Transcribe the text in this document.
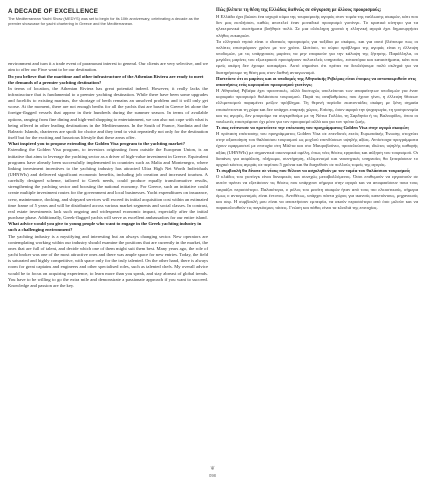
A DECADE OF EXCELLENCE
The Mediterranean Yacht Show (MEDYS) was set to begin for its 10th anniversary, celebrating a decade as the premier showcase for yacht chartering in Greece and the Mediterranean.

environment and turn it a trade event of paramount interest to general. Our clients are very selective, and we aim to offer our Fiwe want to be our destination.

Do you believe that the maritime and other infrastructure of the Athenian Riviera are ready to meet the demands of a premier yachting destination?

In terms of location, the Athenian Riviera has great potential indeed. However, it really lacks the infrastructure that is fundamental to a premier yachting destination. While there have been some upgrades and facelifts to existing marinas, the shortage of berth remains an unsolved problem and it will only get worse. At the moment, there are not enough berths for all the yachts that are based in Greece let alone the foreign-flagged vessels that appear in their hundreds during the summer season. In terms of available options, ranging from fine dining and high-end shopping to entertainment, we can also not cope with what is being offered in other leading destinations in the Mediterranean. In the South of France, Sardinia and the Balearic Islands, charterers are spoilt for choice and they tend to visit repeatedly not only for the destination itself but for the exciting and luxurious lifestyle that these areas offer.

What inspired you to propose extending the Golden Visa program to the yachting market?

Extending the Golden Visa program, to investors originating from outside the European Union, is an initiative that aims to leverage the yachting sector as a driver of high-value investment in Greece. Equivalent programs have already been successfully implemented in countries such as Malta and Montenegro, where linking investment incentives to the yachting industry has attracted Ultra High Net Worth Individuals (UHNWIs) and delivered significant economic benefits, including job creation and increased tourism. A carefully designed scheme, tailored to Greek needs, could produce equally transformative results, strengthening the yachting sector and boosting the national economy. For Greece, such an initiative could create multiple investment routes for the government and local businesses. Yacht expenditures on insurance, crew, maintenance, docking, and shipyard services will exceed its initial acquisition cost within an estimated time frame of 5 years and will be distributed across various market segments and social classes. In contrast, real estate investments lack such ongoing and widespread economic impact, especially after the initial purchase phase. Additionally, Greek-flagged yachts will serve as excellent ambassadors for our entire island.

What advice would you give to young people who want to engage in the Greek yachting industry in such a challenging environment?

The yachting industry is a mystifying and interesting but an always changing sector. New operators are contemplating working within our industry should examine the positions that are currently in the market, the ones that are full of talent, and decide which one of them might suit them best. Many years ago, the role of yacht broker was one of the most attractive ones and there was ample space for new entries. Today, the field is saturated and highly competitive, with space only for the truly talented. On the other hand, there is always room for great captains and engineers and other specialised roles, such as talented chefs. My overall advice would be to focus on acquiring experience, to learn more than you speak, and stay abreast of global trends. You have to be willing to go the extra mile and demonstrate a passionate approach if you want to succeed. Knowledge and passion are the key.

Πώς βλέπετε τη θέση της Ελλάδας διεθνώς σε σύγκριση με άλλους προορισμούς;

Η Ελλάδα έχει βιώσει ένα ισχυρό κύμα της τουρισμικής αγοράς στον τομέα της ναύλωσης σκαφών, κάτι που δεν μας εκπλήσσει, καθώς αποτελεί έναν μοναδικό προορισμό γιοτίνγκ. Το κρατικό κίνητρο για τα ηλεκτρονικά συστήματα βοήθησε πολύ. Σε μια ολόκληρη χρονιά η ελληνική αγορά έχει δημιουργήσει πλήθος ευκαιριών.

Τα ελληνικά νησιά είναι ο ιδανικός προορισμός για ταξίδια με σκάφος, και για αυτό βλέπουμε πως οι πελάτες επιστρέφουν χρόνο με τον χρόνο. Ωστόσο, το κύριο πρόβλημα της αγοράς είναι η έλλειψη υποδομών, με τις υπάρχουσες μαρίνες να μην επαρκούν για την κάλυψη της ζήτησης. Παράλληλα, οι μεγάλες μαρίνες του εξωτερικού προσφέρουν πολυτελείς υπηρεσίες, εστιατόρια και καταστήματα, κάτι που εμείς ακόμη δεν έχουμε καταφέρει. Αυτό σημαίνει ότι πρέπει να δουλέψουμε πολύ σκληρά για να διατηρήσουμε τη θέση μας στον διεθνή ανταγωνισμό.

Πιστεύετε ότι οι μαρίνες και οι υποδομές της Αθηναϊκής Ριβιέρας είναι έτοιμες να ανταποκριθούν στις απαιτήσεις ενός κορυφαίου προορισμού γιοτίνγκ;

Η Αθηναϊκή Ριβιέρα έχει προοπτικές, αλλά δυστυχώς υπολείπεται των απαραίτητων υποδομών για έναν κορυφαίο προορισμό θαλάσσιου τουρισμού. Παρά τις αναβαθμίσεις που έχουν γίνει, η έλλειψη θέσεων ελλιμενισμού παραμένει μείζον πρόβλημα. Τη θερινή περίοδο εκατοντάδες σκάφη με ξένη σημαία επισκέπτονται τη χώρα και δεν υπάρχει επαρκής χώρος. Επίσης, όσον αφορά την ψυχαγωγία, τη γαστρονομία και τις αγορές, δεν μπορούμε να συγκριθούμε με τη Νότια Γαλλία, τη Σαρδηνία ή τις Βαλεαρίδες, όπου οι ναυλωτές επιστρέφουν όχι μόνο για τον προορισμό αλλά και για τον τρόπο ζωής.

Τι σας ενέπνευσε να προτείνετε την επέκταση του προγράμματος Golden Visa στην αγορά σκαφών;

Η πρόταση επέκτασης του προγράμματος Golden Visa σε επενδυτές εκτός Ευρωπαϊκής Ένωσης στοχεύει στην αξιοποίηση του θαλάσσιου τουρισμού ως μοχλού επενδύσεων υψηλής αξίας. Αντίστοιχα προγράμματα έχουν εφαρμοστεί με επιτυχία στη Μάλτα και στο Μαυροβούνιο, προσελκύοντας ιδιώτες υψηλής καθαρής αξίας (UHNWIs) με σημαντικά οικονομικά οφέλη, όπως νέες θέσεις εργασίας και αύξηση του τουρισμού. Οι δαπάνες για ασφάλιση, πλήρωμα, συντήρηση, ελλιμενισμό και ναυπηγικές υπηρεσίες θα ξεπεράσουν το αρχικό κόστος αγοράς σε περίπου 5 χρόνια και θα διαχυθούν σε πολλούς τομείς της αγοράς.

Τι συμβουλή θα δίνατε σε νέους που θέλουν να ασχοληθούν με τον τομέα του θαλάσσιου τουρισμού;

Ο κλάδος του γιοτίνγκ είναι δυναμικός και συνεχώς μεταβαλλόμενος. Όσοι επιθυμούν να εργαστούν σε αυτόν πρέπει να εξετάσουν τις θέσεις που υπάρχουν σήμερα στην αγορά και να αποφασίσουν ποια τους ταιριάζει περισσότερο. Παλαιότερα, ο ρόλος του μεσίτη σκαφών ήταν από τους πιο ελκυστικούς, σήμερα όμως ο ανταγωνισμός είναι έντονος. Αντιθέτως, υπάρχει πάντα χώρος για ικανούς καπετάνιους, μηχανικούς και σεφ. Η συμβουλή μου είναι να αποκτήσουν εμπειρία, να ακούν περισσότερο από όσο μιλούν και να παρακολουθούν τις παγκόσμιες τάσεις. Γνώση και πάθος είναι τα κλειδιά της επιτυχίας.

❦
098
